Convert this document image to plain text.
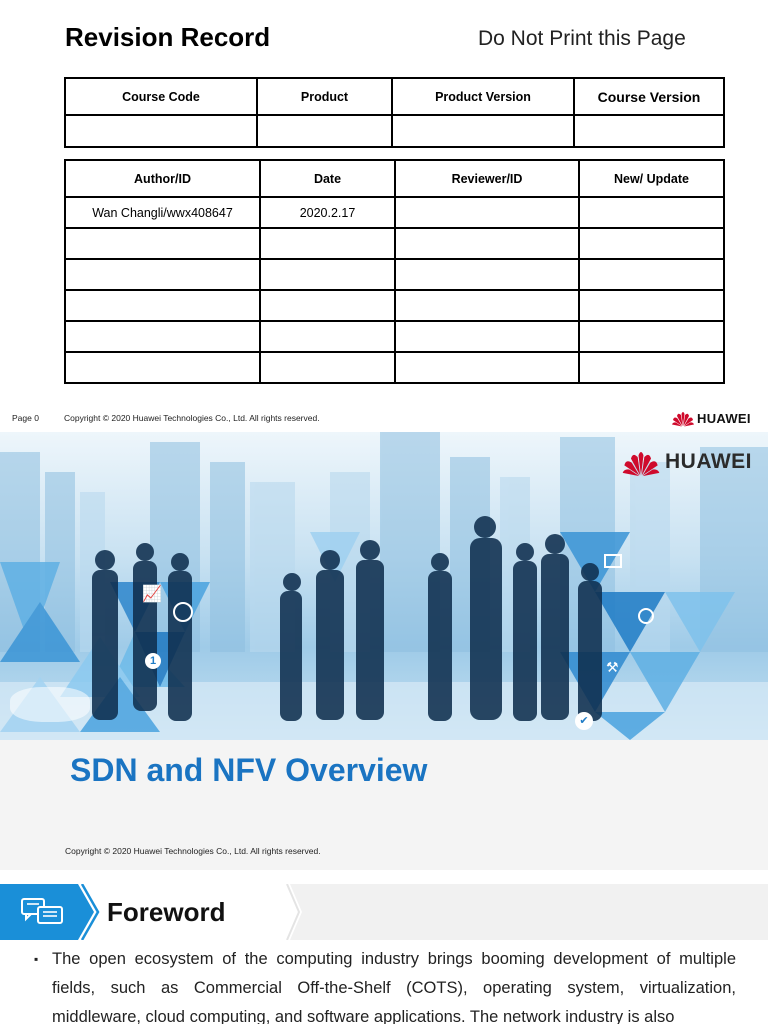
Revision Record	Do Not Print this Page
Course Code	Product	Product Version	Course Version

Author/ID	Date	Reviewer/ID	New/ Update
Wan Changli/wwx408647	2020.2.17		

Page 0	Copyright © 2020 Huawei Technologies Co., Ltd. All rights reserved.	HUAWEI
📈
1	⚒
✔
HUAWEI
SDN and NFV Overview
Copyright © 2020 Huawei Technologies Co., Ltd. All rights reserved.
Foreword
▪ The open ecosystem of the computing industry brings booming development of multiple fields, such as Commercial Off-the-Shelf (COTS), operating system, virtualization, middleware, cloud computing, and software applications. The network industry is also
